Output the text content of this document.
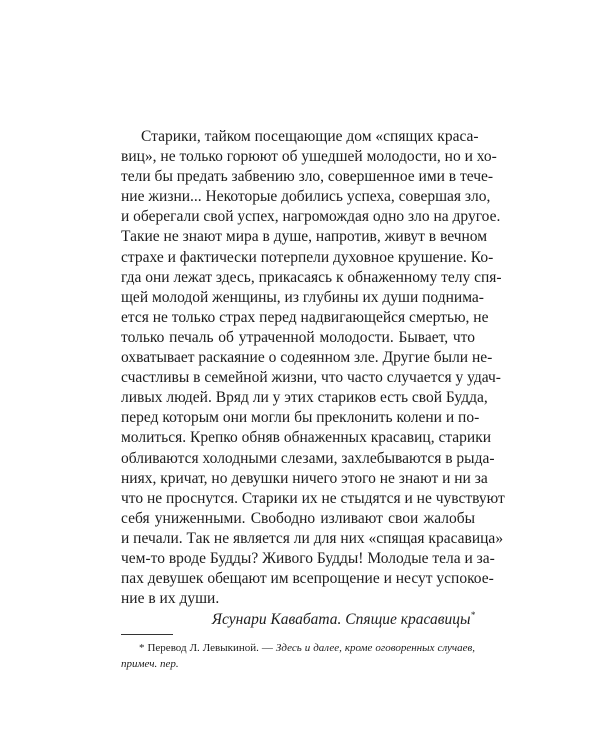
Старики, тайком посещающие дом «спящих краса-
виц», не только горюют об ушедшей молодости, но и хо-
тели бы предать забвению зло, совершенное ими в тече-
ние жизни... Некоторые добились успеха, совершая зло,
и оберегали свой успех, нагромождая одно зло на другое.
Такие не знают мира в душе, напротив, живут в вечном
страхе и фактически потерпели духовное крушение. Ко-
гда они лежат здесь, прикасаясь к обнаженному телу спя-
щей молодой женщины, из глубины их души поднима-
ется не только страх перед надвигающейся смертью, не
только печаль об утраченной молодости. Бывает, что
охватывает раскаяние о содеянном зле. Другие были не-
счастливы в семейной жизни, что часто случается у удач-
ливых людей. Вряд ли у этих стариков есть свой Будда,
перед которым они могли бы преклонить колени и по-
молиться. Крепко обняв обнаженных красавиц, старики
обливаются холодными слезами, захлебываются в рыда-
ниях, кричат, но девушки ничего этого не знают и ни за
что не проснутся. Старики их не стыдятся и не чувствуют
себя униженными. Свободно изливают свои жалобы
и печали. Так не является ли для них «спящая красавица»
чем-то вроде Будды? Живого Будды! Молодые тела и за-
пах девушек обещают им всепрощение и несут успокое-
ние в их души.
Ясунари Кавабата. Спящие красавицы*
* Перевод Л. Левыкиной. — Здесь и далее, кроме оговоренных случаев,
примеч. пер.
